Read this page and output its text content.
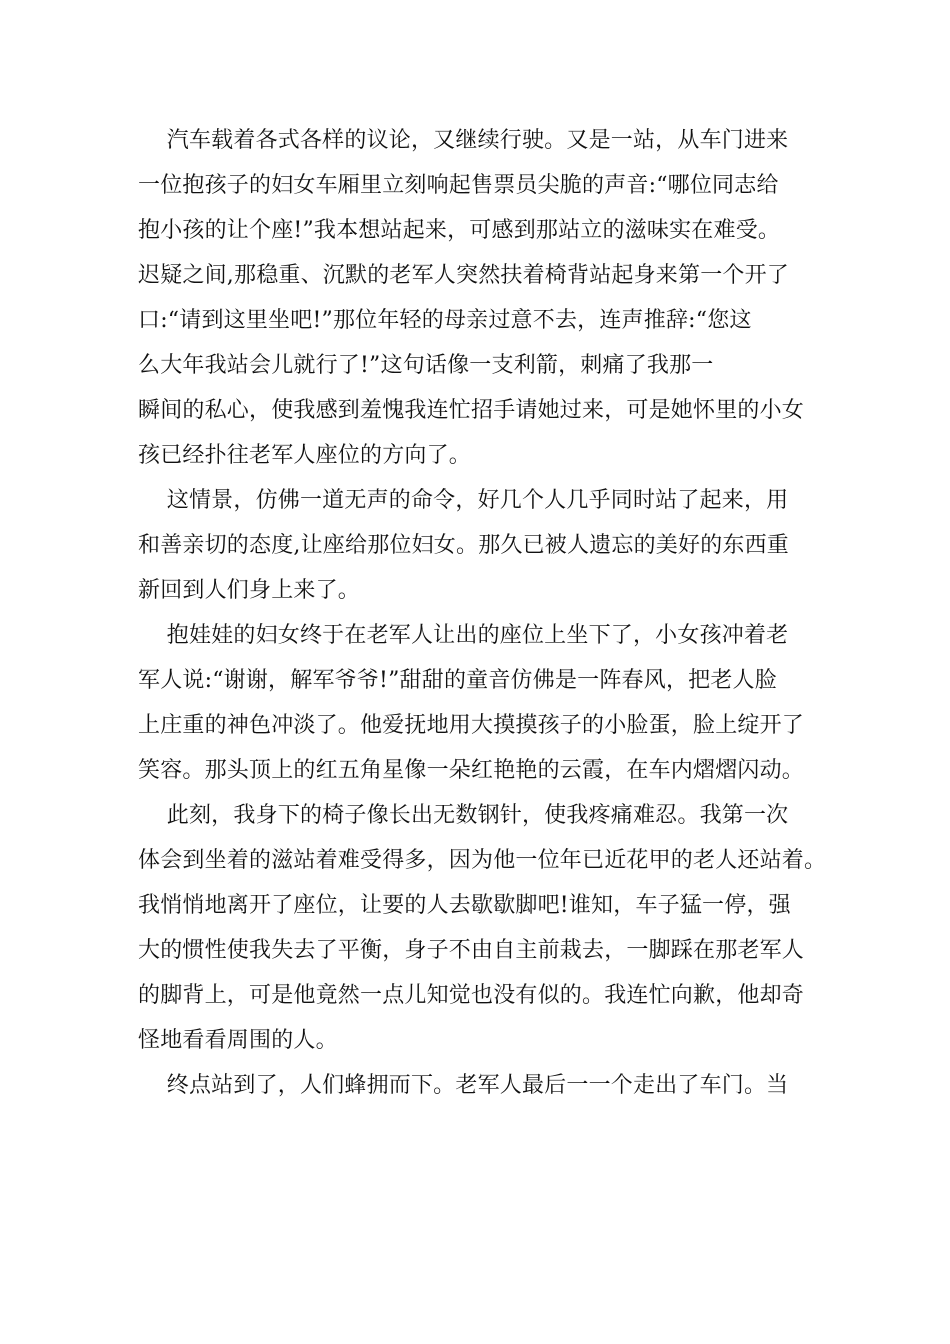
汽车载着各式各样的议论，又继续行驶。又是一站，从车门进来
一位抱孩子的妇女车厢里立刻响起售票员尖脆的声音:“哪位同志给
抱小孩的让个座!”我本想站起来，可感到那站立的滋味实在难受。
迟疑之间,那稳重、沉默的老军人突然扶着椅背站起身来第一个开了
口:“请到这里坐吧!”那位年轻的母亲过意不去，连声推辞:“您这
么大年我站会儿就行了!”这句话像一支利箭，刺痛了我那一
瞬间的私心，使我感到羞愧我连忙招手请她过来，可是她怀里的小女
孩已经扑往老军人座位的方向了。
这情景，仿佛一道无声的命令，好几个人几乎同时站了起来，用
和善亲切的态度,让座给那位妇女。那久已被人遗忘的美好的东西重
新回到人们身上来了。
抱娃娃的妇女终于在老军人让出的座位上坐下了，小女孩冲着老
军人说:“谢谢，解军爷爷!”甜甜的童音仿佛是一阵春风，把老人脸
上庄重的神色冲淡了。他爱抚地用大摸摸孩子的小脸蛋，脸上绽开了
笑容。那头顶上的红五角星像一朵红艳艳的云霞，在车内熠熠闪动。
此刻，我身下的椅子像长出无数钢针，使我疼痛难忍。我第一次
体会到坐着的滋站着难受得多，因为他一位年已近花甲的老人还站着。
我悄悄地离开了座位，让要的人去歇歇脚吧!谁知，车子猛一停，强
大的惯性使我失去了平衡，身子不由自主前栽去，一脚踩在那老军人
的脚背上，可是他竟然一点儿知觉也没有似的。我连忙向歉，他却奇
怪地看看周围的人。
终点站到了，人们蜂拥而下。老军人最后一一个走出了车门。当
